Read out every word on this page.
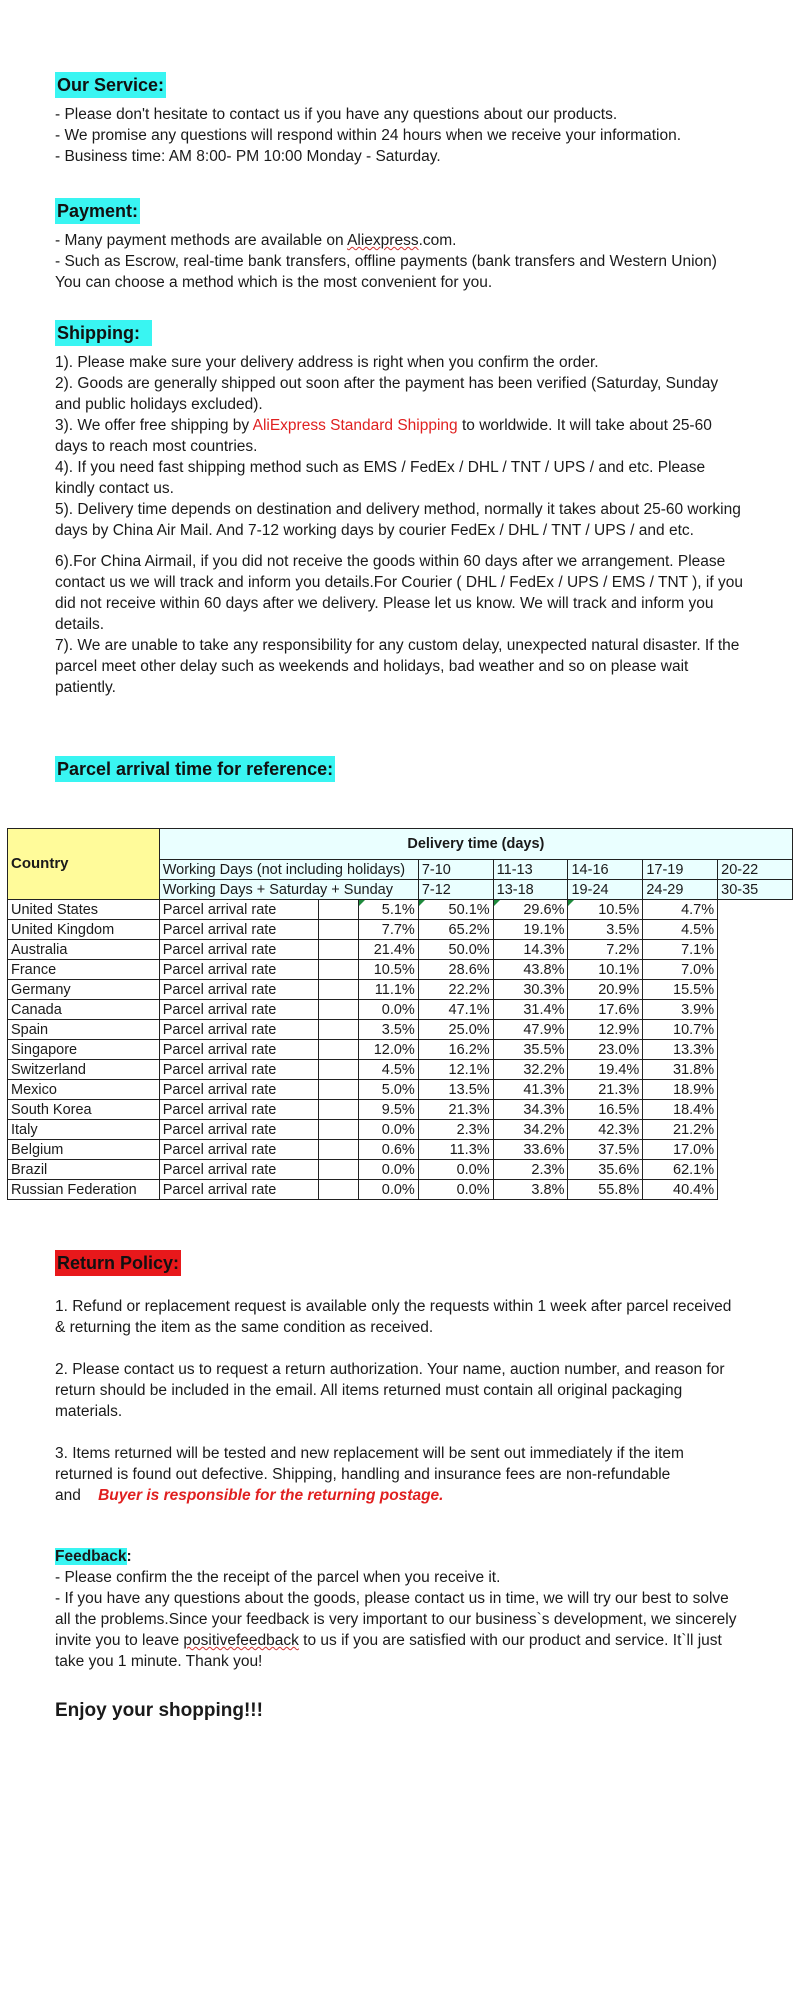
Our Service:

- Please don't hesitate to contact us if you have any questions about our products.

- We promise any questions will respond within 24 hours when we receive your information.

- Business time: AM 8:00- PM 10:00 Monday - Saturday.

Payment:

- Many payment methods are available on Aliexpress.com.

- Such as Escrow, real-time bank transfers, offline payments (bank transfers and Western Union)

You can choose a method which is the most convenient for you.

Shipping:

1). Please make sure your delivery address is right when you confirm the order.

2). Goods are generally shipped out soon after the payment has been verified (Saturday, Sunday and public holidays excluded).

3). We offer free shipping by AliExpress Standard Shipping to worldwide. It will take about 25-60 days to reach most countries.

4). If you need fast shipping method such as EMS / FedEx / DHL / TNT / UPS / and etc. Please kindly contact us.

5). Delivery time depends on destination and delivery method, normally it takes about 25-60 working days by China Air Mail. And 7-12 working days by courier FedEx / DHL / TNT / UPS / and etc.

6).For China Airmail, if you did not receive the goods within 60 days after we arrangement. Please contact us we will track and inform you details.For Courier ( DHL / FedEx / UPS / EMS / TNT ), if you did not receive within 60 days after we delivery. Please let us know. We will track and inform you details.

7). We are unable to take any responsibility for any custom delay, unexpected natural disaster. If the parcel meet other delay such as weekends and holidays, bad weather and so on please wait patiently.

Parcel arrival time for reference:
Country	Delivery time (days)							
	Working Days (not including holidays)			7-10	11-13	14-16	17-19	20-22
	Working Days + Saturday + Sunday			7-12	13-18	19-24	24-29	30-35
United States	Parcel arrival rate		5.1%	50.1%	29.6%	10.5%	4.7%	
United Kingdom	Parcel arrival rate		7.7%	65.2%	19.1%	3.5%	4.5%	
Australia	Parcel arrival rate		21.4%	50.0%	14.3%	7.2%	7.1%	
France	Parcel arrival rate		10.5%	28.6%	43.8%	10.1%	7.0%	
Germany	Parcel arrival rate		11.1%	22.2%	30.3%	20.9%	15.5%	
Canada	Parcel arrival rate		0.0%	47.1%	31.4%	17.6%	3.9%	
Spain	Parcel arrival rate		3.5%	25.0%	47.9%	12.9%	10.7%	
Singapore	Parcel arrival rate		12.0%	16.2%	35.5%	23.0%	13.3%	
Switzerland	Parcel arrival rate		4.5%	12.1%	32.2%	19.4%	31.8%	
Mexico	Parcel arrival rate		5.0%	13.5%	41.3%	21.3%	18.9%	
South Korea	Parcel arrival rate		9.5%	21.3%	34.3%	16.5%	18.4%	
Italy	Parcel arrival rate		0.0%	2.3%	34.2%	42.3%	21.2%	
Belgium	Parcel arrival rate		0.6%	11.3%	33.6%	37.5%	17.0%	
Brazil	Parcel arrival rate		0.0%	0.0%	2.3%	35.6%	62.1%	
Russian Federation	Parcel arrival rate		0.0%	0.0%	3.8%	55.8%	40.4%	
Return Policy:

1. Refund or replacement request is available only the requests within 1 week after parcel received & returning the item as the same condition as received.

2. Please contact us to request a return authorization. Your name, auction number, and reason for return should be included in the email. All items returned must contain all original packaging materials.

3. Items returned will be tested and new replacement will be sent out immediately if the item returned is found out defective. Shipping, handling and insurance fees are non-refundable
and    Buyer is responsible for the returning postage.

Feedback:

- Please confirm the the receipt of the parcel when you receive it.

- If you have any questions about the goods, please contact us in time, we will try our best to solve all the problems.Since your feedback is very important to our business`s development, we sincerely invite you to leave positivefeedback to us if you are satisfied with our product and service. It`ll just take you 1 minute. Thank you!

Enjoy your shopping!!!
